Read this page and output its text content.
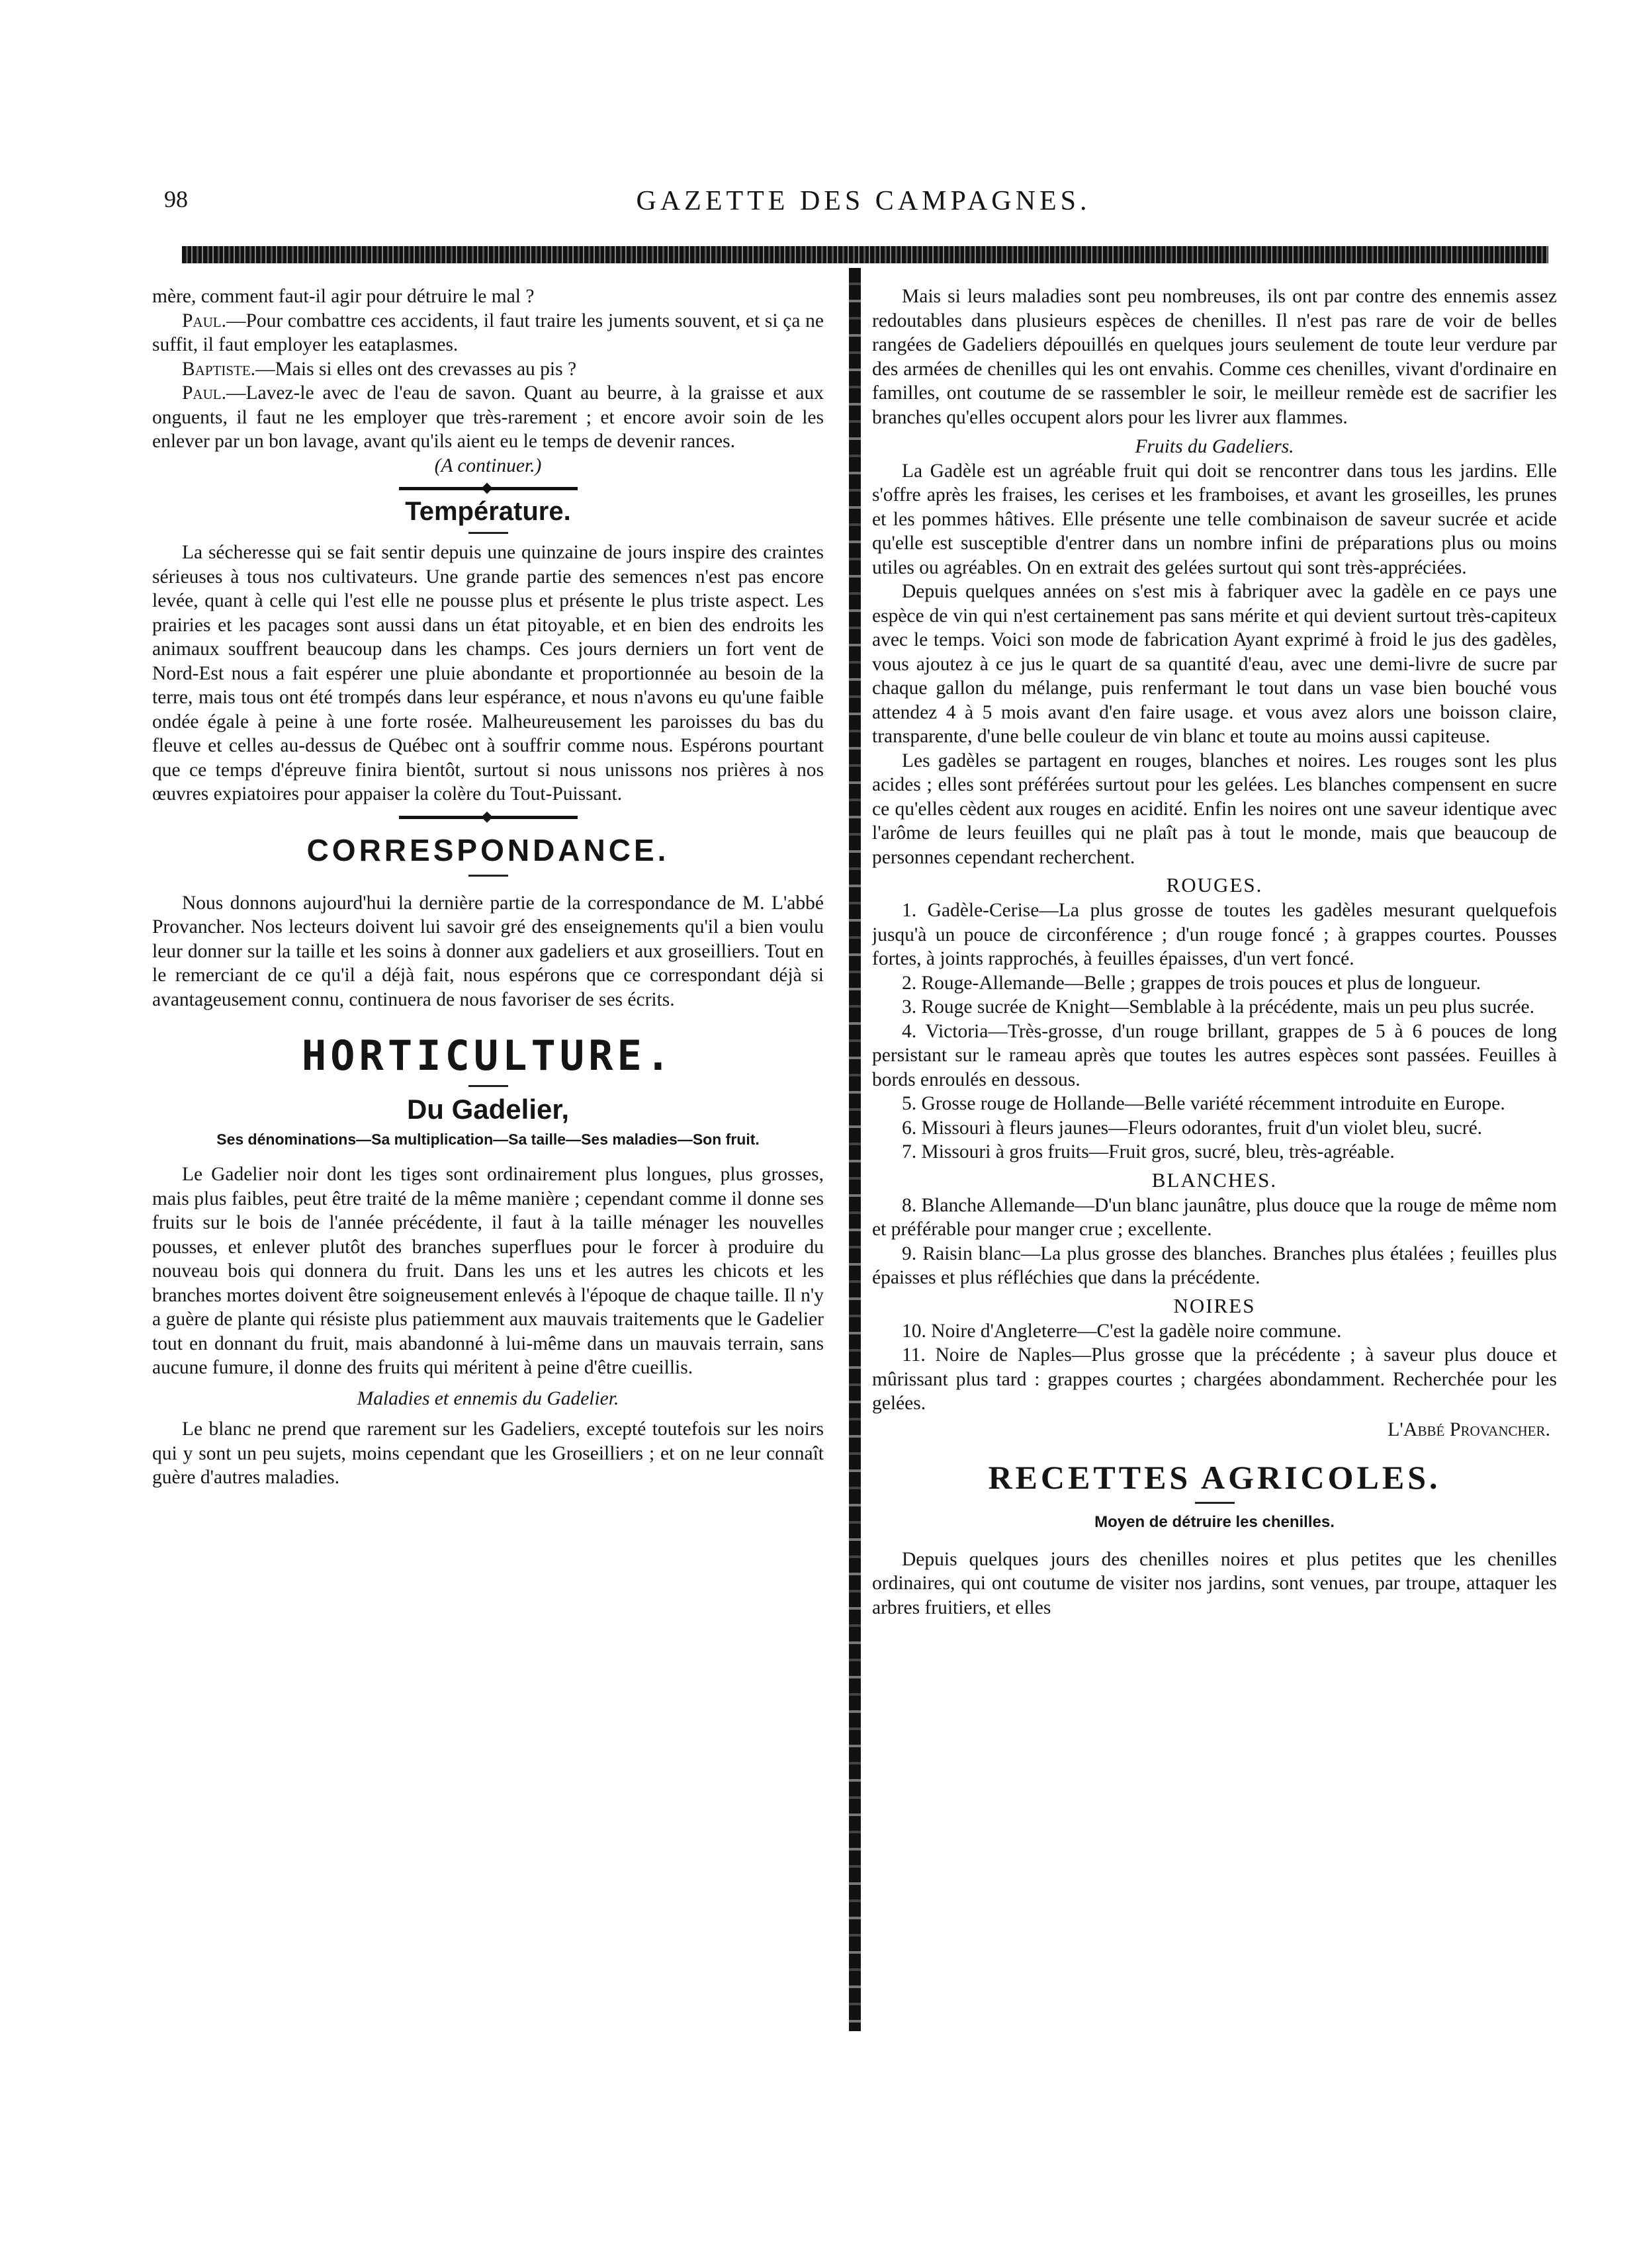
98	GAZETTE DES CAMPAGNES.

mère, comment faut-il agir pour détruire le mal ?

Paul.—Pour combattre ces accidents, il faut traire les juments souvent, et si ça ne suffit, il faut employer les eataplasmes.

Baptiste.—Mais si elles ont des crevasses au pis ?

Paul.—Lavez-le avec de l'eau de savon. Quant au beurre, à la graisse et aux onguents, il faut ne les employer que très-rarement ; et encore avoir soin de les enlever par un bon lavage, avant qu'ils aient eu le temps de devenir rances.

(A continuer.)

Température.

La sécheresse qui se fait sentir depuis une quinzaine de jours inspire des craintes sérieuses à tous nos cultivateurs. Une grande partie des semences n'est pas encore levée, quant à celle qui l'est elle ne pousse plus et présente le plus triste aspect. Les prairies et les pacages sont aussi dans un état pitoyable, et en bien des endroits les animaux souffrent beaucoup dans les champs. Ces jours derniers un fort vent de Nord-Est nous a fait espérer une pluie abondante et proportionnée au besoin de la terre, mais tous ont été trompés dans leur espérance, et nous n'avons eu qu'une faible ondée égale à peine à une forte rosée. Malheureusement les paroisses du bas du fleuve et celles au-dessus de Québec ont à souffrir comme nous. Espérons pourtant que ce temps d'épreuve finira bientôt, surtout si nous unissons nos prières à nos œuvres expiatoires pour appaiser la colère du Tout-Puissant.

CORRESPONDANCE.

Nous donnons aujourd'hui la dernière partie de la correspondance de M. L'abbé Provancher. Nos lecteurs doivent lui savoir gré des enseignements qu'il a bien voulu leur donner sur la taille et les soins à donner aux gadeliers et aux groseilliers. Tout en le remerciant de ce qu'il a déjà fait, nous espérons que ce correspondant déjà si avantageusement connu, continuera de nous favoriser de ses écrits.

HORTICULTURE.
Du Gadelier,

Ses dénominations—Sa multiplication—Sa taille—Ses maladies—Son fruit.

Le Gadelier noir dont les tiges sont ordinairement plus longues, plus grosses, mais plus faibles, peut être traité de la même manière ; cependant comme il donne ses fruits sur le bois de l'année précédente, il faut à la taille ménager les nouvelles pousses, et enlever plutôt des branches superflues pour le forcer à produire du nouveau bois qui donnera du fruit. Dans les uns et les autres les chicots et les branches mortes doivent être soigneusement enlevés à l'époque de chaque taille. Il n'y a guère de plante qui résiste plus patiemment aux mauvais traitements que le Gadelier tout en donnant du fruit, mais abandonné à lui-même dans un mauvais terrain, sans aucune fumure, il donne des fruits qui méritent à peine d'être cueillis.

Maladies et ennemis du Gadelier.

Le blanc ne prend que rarement sur les Gadeliers, excepté toutefois sur les noirs qui y sont un peu sujets, moins cependant que les Groseilliers ; et on ne leur connaît guère d'autres maladies.

Mais si leurs maladies sont peu nombreuses, ils ont par contre des ennemis assez redoutables dans plusieurs espèces de chenilles. Il n'est pas rare de voir de belles rangées de Gadeliers dépouillés en quelques jours seulement de toute leur verdure par des armées de chenilles qui les ont envahis. Comme ces chenilles, vivant d'ordinaire en familles, ont coutume de se rassembler le soir, le meilleur remède est de sacrifier les branches qu'elles occupent alors pour les livrer aux flammes.

Fruits du Gadeliers.

La Gadèle est un agréable fruit qui doit se rencontrer dans tous les jardins. Elle s'offre après les fraises, les cerises et les framboises, et avant les groseilles, les prunes et les pommes hâtives. Elle présente une telle combinaison de saveur sucrée et acide qu'elle est susceptible d'entrer dans un nombre infini de préparations plus ou moins utiles ou agréables. On en extrait des gelées surtout qui sont très-appréciées.

Depuis quelques années on s'est mis à fabriquer avec la gadèle en ce pays une espèce de vin qui n'est certainement pas sans mérite et qui devient surtout très-capiteux avec le temps. Voici son mode de fabrication Ayant exprimé à froid le jus des gadèles, vous ajoutez à ce jus le quart de sa quantité d'eau, avec une demi-livre de sucre par chaque gallon du mélange, puis renfermant le tout dans un vase bien bouché vous attendez 4 à 5 mois avant d'en faire usage. et vous avez alors une boisson claire, transparente, d'une belle couleur de vin blanc et toute au moins aussi capiteuse.

Les gadèles se partagent en rouges, blanches et noires. Les rouges sont les plus acides ; elles sont préférées surtout pour les gelées. Les blanches compensent en sucre ce qu'elles cèdent aux rouges en acidité. Enfin les noires ont une saveur identique avec l'arôme de leurs feuilles qui ne plaît pas à tout le monde, mais que beaucoup de personnes cependant recherchent.

ROUGES.

1. Gadèle-Cerise—La plus grosse de toutes les gadèles mesurant quelquefois jusqu'à un pouce de circonférence ; d'un rouge foncé ; à grappes courtes. Pousses fortes, à joints rapprochés, à feuilles épaisses, d'un vert foncé.

2. Rouge-Allemande—Belle ; grappes de trois pouces et plus de longueur.

3. Rouge sucrée de Knight—Semblable à la précédente, mais un peu plus sucrée.

4. Victoria—Très-grosse, d'un rouge brillant, grappes de 5 à 6 pouces de long persistant sur le rameau après que toutes les autres espèces sont passées. Feuilles à bords enroulés en dessous.

5. Grosse rouge de Hollande—Belle variété récemment introduite en Europe.

6. Missouri à fleurs jaunes—Fleurs odorantes, fruit d'un violet bleu, sucré.

7. Missouri à gros fruits—Fruit gros, sucré, bleu, très-agréable.

BLANCHES.

8. Blanche Allemande—D'un blanc jaunâtre, plus douce que la rouge de même nom et préférable pour manger crue ; excellente.

9. Raisin blanc—La plus grosse des blanches. Branches plus étalées ; feuilles plus épaisses et plus réfléchies que dans la précédente.

NOIRES

10. Noire d'Angleterre—C'est la gadèle noire commune.

11. Noire de Naples—Plus grosse que la précédente ; à saveur plus douce et mûrissant plus tard : grappes courtes ; chargées abondamment. Recherchée pour les gelées.

L'Abbé Provancher.

RECETTES AGRICOLES.

Moyen de détruire les chenilles.

Depuis quelques jours des chenilles noires et plus petites que les chenilles ordinaires, qui ont coutume de visiter nos jardins, sont venues, par troupe, attaquer les arbres fruitiers, et elles
